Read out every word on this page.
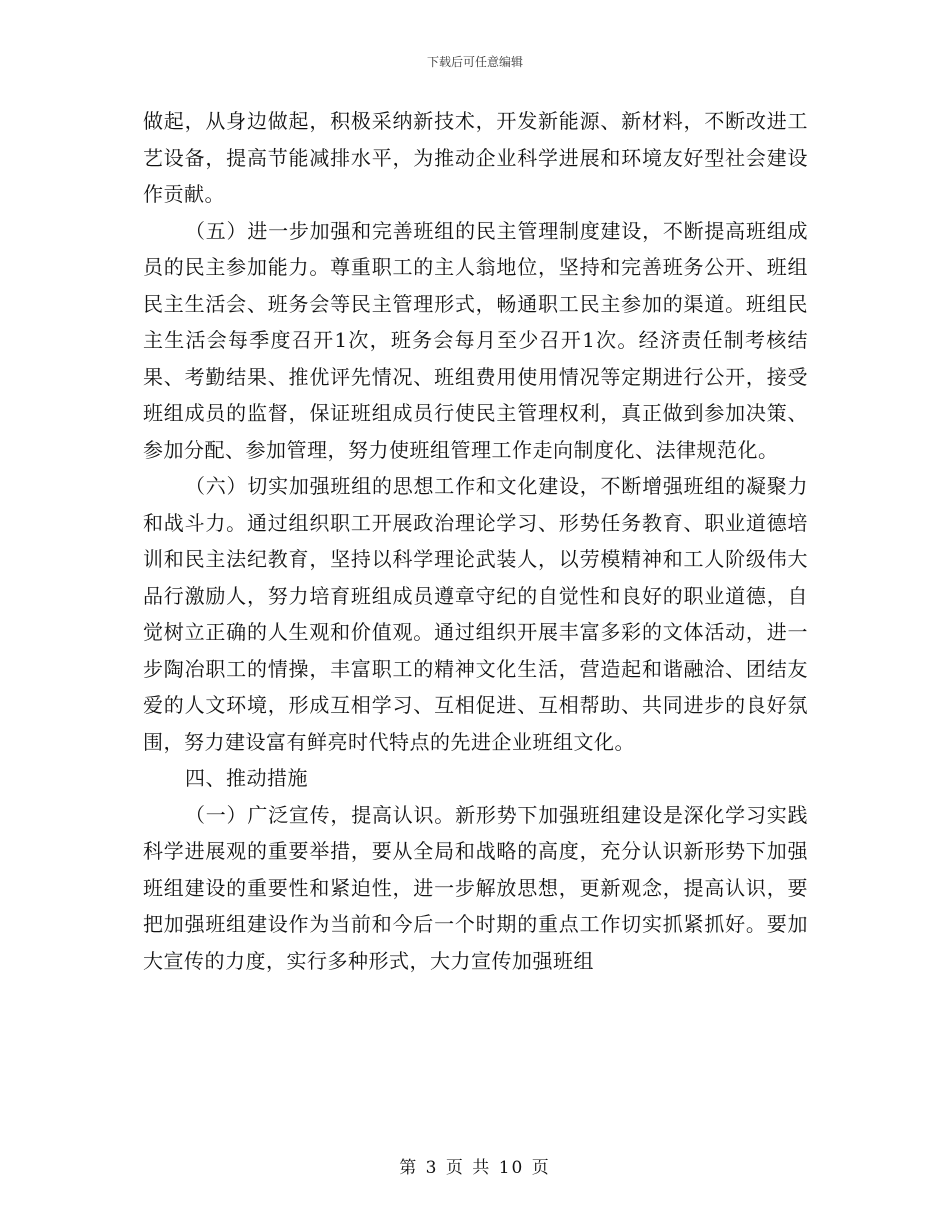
下载后可任意编辑

做起，从身边做起，积极采纳新技术，开发新能源、新材料，不断改进工艺设备，提高节能减排水平，为推动企业科学进展和环境友好型社会建设作贡献。

（五）进一步加强和完善班组的民主管理制度建设，不断提高班组成员的民主参加能力。尊重职工的主人翁地位，坚持和完善班务公开、班组民主生活会、班务会等民主管理形式，畅通职工民主参加的渠道。班组民主生活会每季度召开1次，班务会每月至少召开1次。经济责任制考核结果、考勤结果、推优评先情况、班组费用使用情况等定期进行公开，接受班组成员的监督，保证班组成员行使民主管理权利，真正做到参加决策、参加分配、参加管理，努力使班组管理工作走向制度化、法律规范化。

（六）切实加强班组的思想工作和文化建设，不断增强班组的凝聚力和战斗力。通过组织职工开展政治理论学习、形势任务教育、职业道德培训和民主法纪教育，坚持以科学理论武装人，以劳模精神和工人阶级伟大品行激励人，努力培育班组成员遵章守纪的自觉性和良好的职业道德，自觉树立正确的人生观和价值观。通过组织开展丰富多彩的文体活动，进一步陶冶职工的情操，丰富职工的精神文化生活，营造起和谐融洽、团结友爱的人文环境，形成互相学习、互相促进、互相帮助、共同进步的良好氛围，努力建设富有鲜亮时代特点的先进企业班组文化。

四、推动措施

（一）广泛宣传，提高认识。新形势下加强班组建设是深化学习实践科学进展观的重要举措，要从全局和战略的高度，充分认识新形势下加强班组建设的重要性和紧迫性，进一步解放思想，更新观念，提高认识，要把加强班组建设作为当前和今后一个时期的重点工作切实抓紧抓好。要加大宣传的力度，实行多种形式，大力宣传加强班组

第 3 页 共 10 页
